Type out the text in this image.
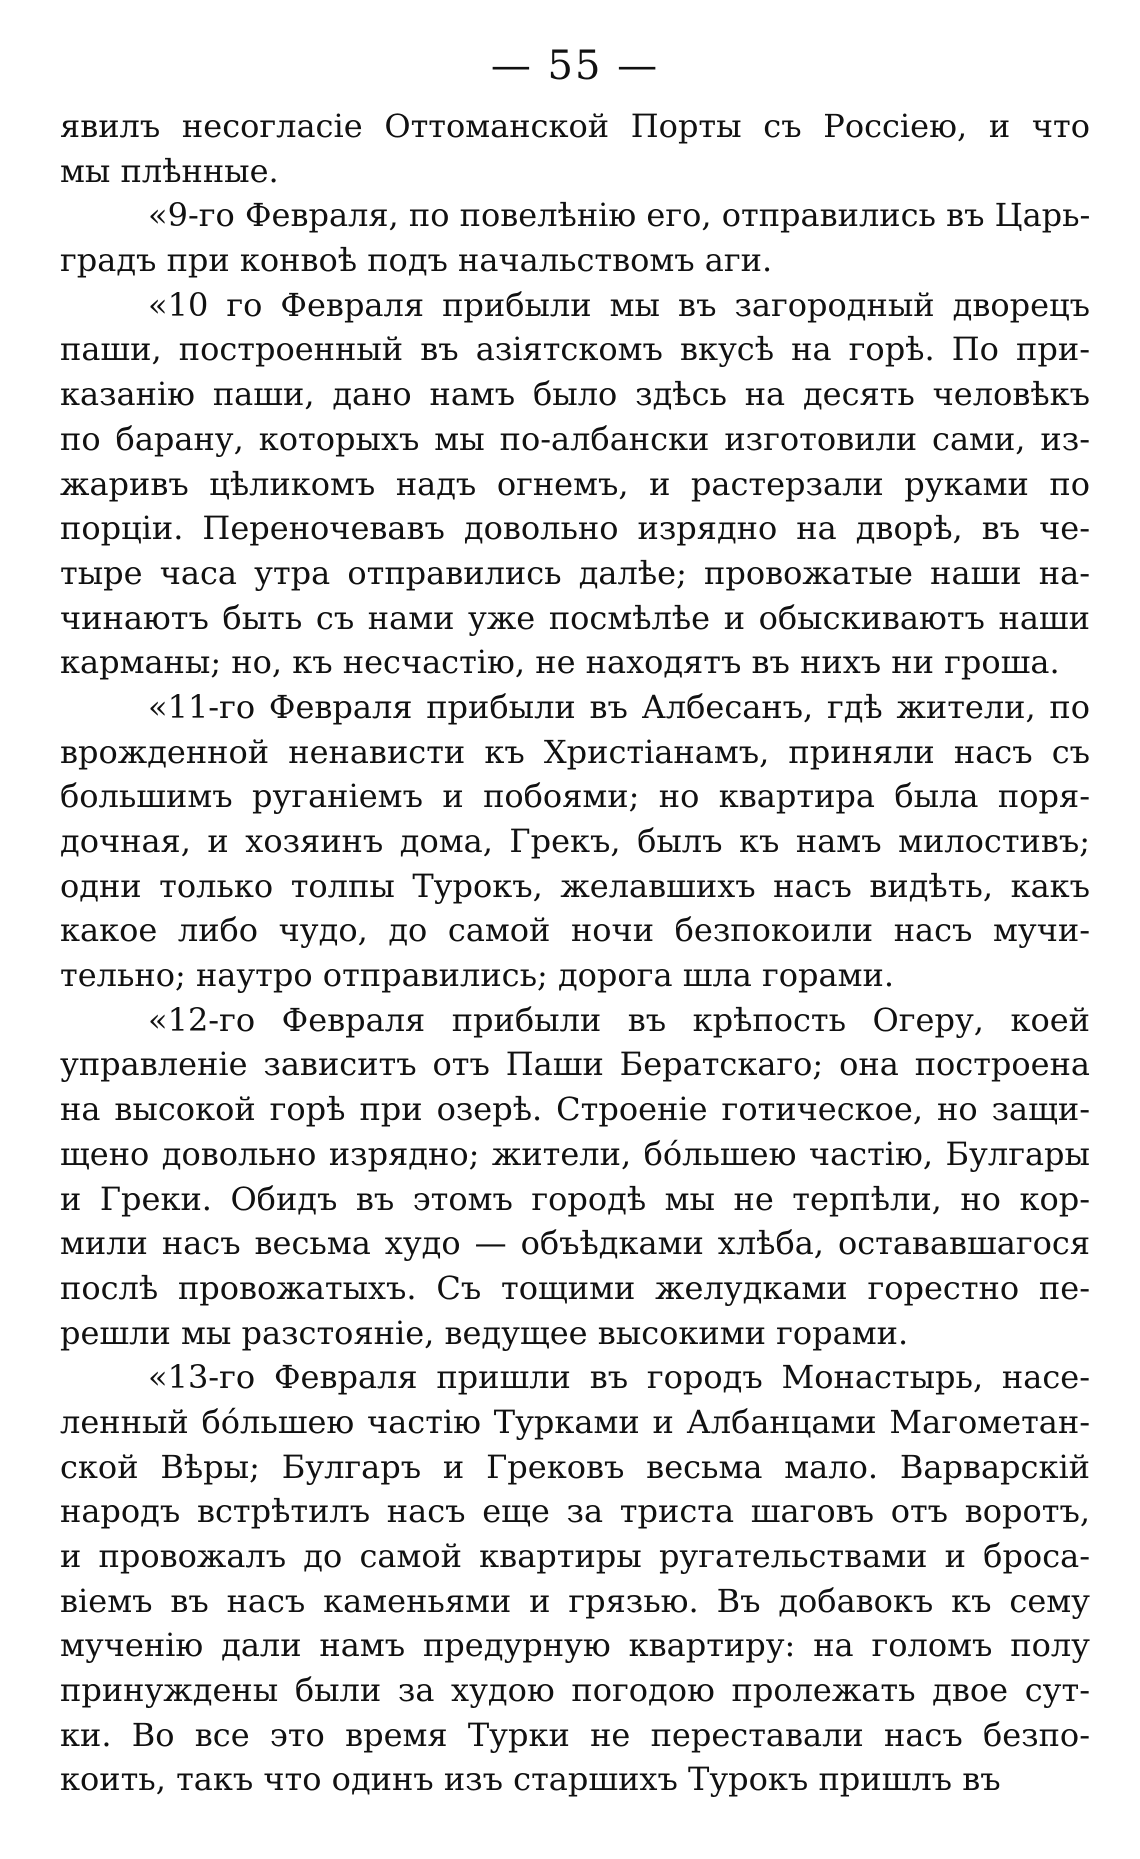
— 55 —
явилъ несогласіе Оттоманской Порты съ Россіею, и что
мы плѣнные.
«9-го Февраля, по повелѣнію его, отправились въ Царь-
градъ при конвоѣ подъ начальствомъ аги.
«10 го Февраля прибыли мы въ загородный дворецъ
паши, построенный въ азіятскомъ вкусѣ на горѣ. По при-
казанію паши, дано намъ было здѣсь на десять человѣкъ
по барану, которыхъ мы по-албански изготовили сами, из-
жаривъ цѣликомъ надъ огнемъ, и растерзали руками по
порціи. Переночевавъ довольно изрядно на дворѣ, въ че-
тыре часа утра отправились далѣе; провожатые наши на-
чинаютъ быть съ нами уже посмѣлѣе и обыскиваютъ наши
карманы; но, къ несчастію, не находятъ въ нихъ ни гроша.
«11-го Февраля прибыли въ Албесанъ, гдѣ жители, по
врожденной ненависти къ Христіанамъ, приняли насъ съ
большимъ руганіемъ и побоями; но квартира была поря-
дочная, и хозяинъ дома, Грекъ, былъ къ намъ милостивъ;
одни только толпы Турокъ, желавшихъ насъ видѣть, какъ
какое либо чудо, до самой ночи безпокоили насъ мучи-
тельно; наутро отправились; дорога шла горами.
«12-го Февраля прибыли въ крѣпость Огеру, коей
управленіе зависитъ отъ Паши Бератскаго; она построена
на высокой горѣ при озерѣ. Строеніе готическое, но защи-
щено довольно изрядно; жители, бо́льшею частію, Булгары
и Греки. Обидъ въ этомъ городѣ мы не терпѣли, но кор-
мили насъ весьма худо — объѣдками хлѣба, остававшагося
послѣ провожатыхъ. Съ тощими желудками горестно пе-
решли мы разстояніе, ведущее высокими горами.
«13-го Февраля пришли въ городъ Монастырь, насе-
ленный бо́льшею частію Турками и Албанцами Магометан-
ской Вѣры; Булгаръ и Грековъ весьма мало. Варварскій
народъ встрѣтилъ насъ еще за триста шаговъ отъ воротъ,
и провожалъ до самой квартиры ругательствами и броса-
віемъ въ насъ каменьями и грязью. Въ добавокъ къ сему
мученію дали намъ предурную квартиру: на голомъ полу
принуждены были за худою погодою пролежать двое сут-
ки. Во все это время Турки не переставали насъ безпо-
коить, такъ что одинъ изъ старшихъ Турокъ пришлъ въ
